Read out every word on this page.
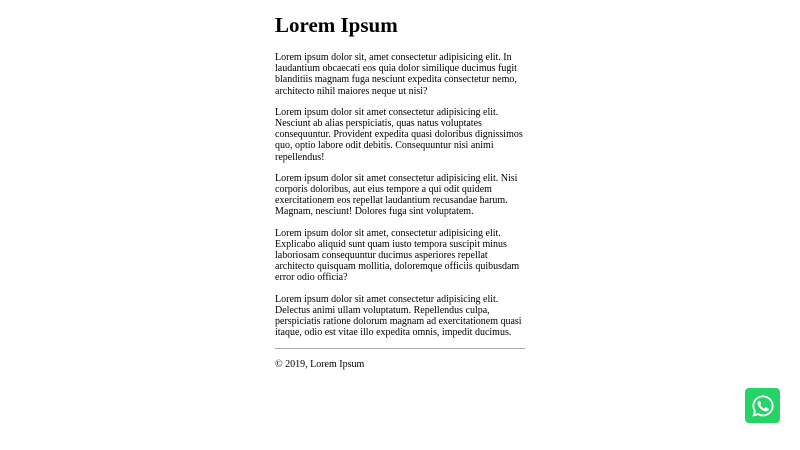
Lorem Ipsum

Lorem ipsum dolor sit, amet consectetur adipisicing elit. In laudantium obcaecati eos quia dolor similique ducimus fugit blanditiis magnam fuga nesciunt expedita consectetur nemo, architecto nihil maiores neque ut nisi?

Lorem ipsum dolor sit amet consectetur adipisicing elit. Nesciunt ab alias perspiciatis, quas natus voluptates consequuntur. Provident expedita quasi doloribus dignissimos quo, optio labore odit debitis. Consequuntur nisi animi repellendus!

Lorem ipsum dolor sit amet consectetur adipisicing elit. Nisi corporis doloribus, aut eius tempore a qui odit quidem exercitationem eos repellat laudantium recusandae harum. Magnam, nesciunt! Dolores fuga sint voluptatem.

Lorem ipsum dolor sit amet, consectetur adipisicing elit. Explicabo aliquid sunt quam iusto tempora suscipit minus laboriosam consequuntur ducimus asperiores repellat architecto quisquam mollitia, doloremque officiis quibusdam error odio officia?

Lorem ipsum dolor sit amet consectetur adipisicing elit. Delectus animi ullam voluptatum. Repellendus culpa, perspiciatis ratione dolorum magnam ad exercitationem quasi itaque, odio est vitae illo expedita omnis, impedit ducimus.

© 2019, Lorem Ipsum
